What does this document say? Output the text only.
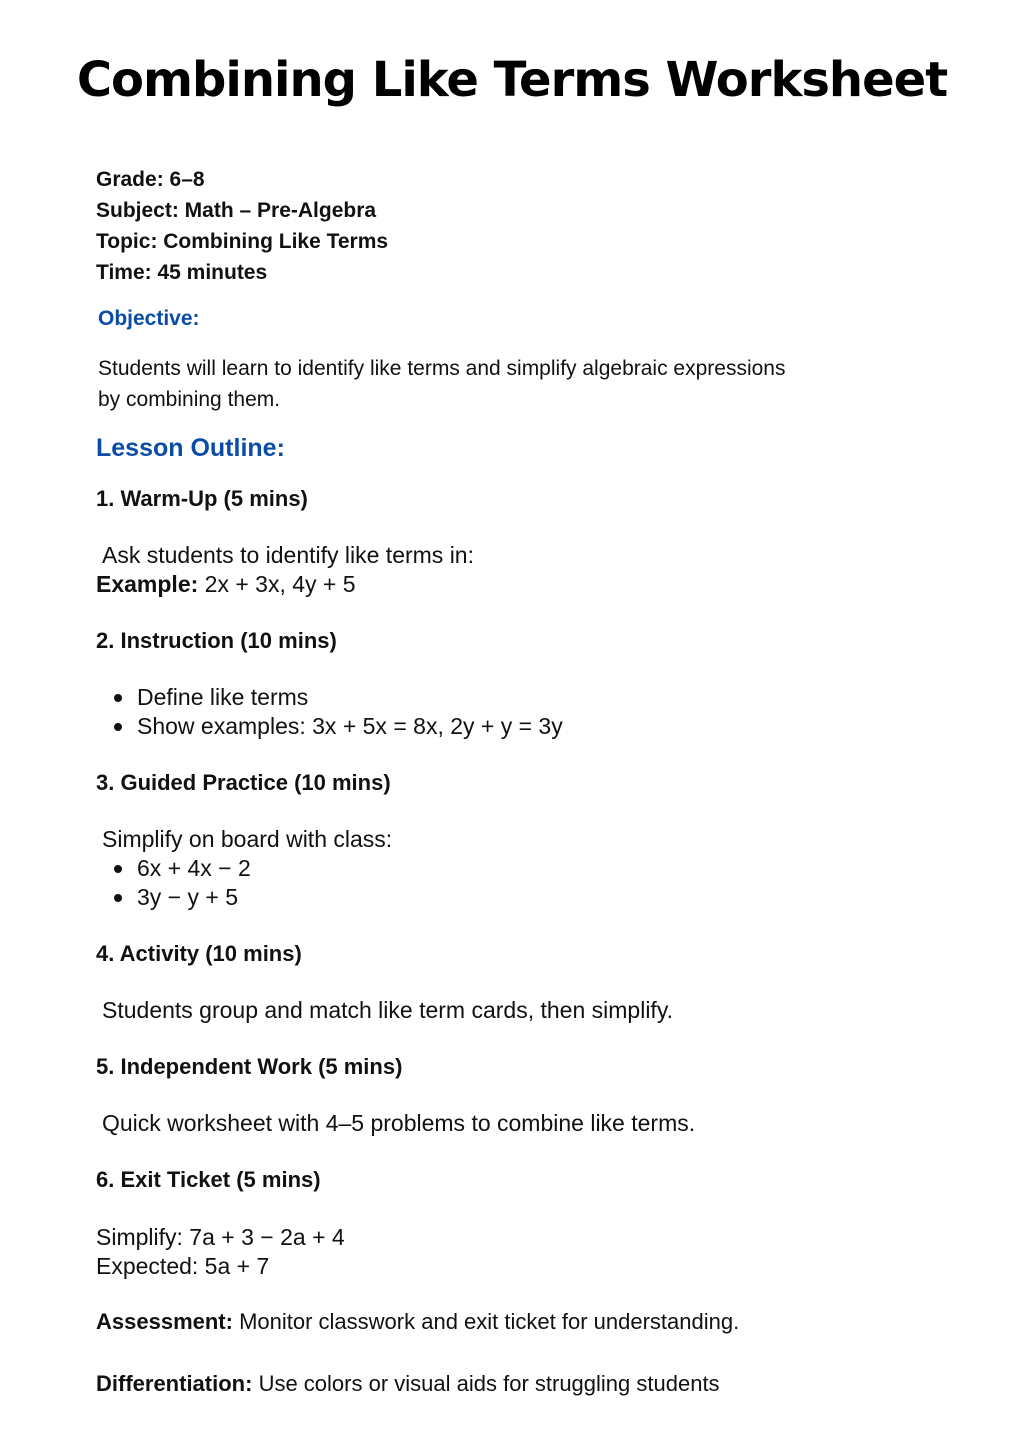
Combining Like Terms Worksheet
Grade: 6–8
Subject: Math – Pre-Algebra
Topic: Combining Like Terms
Time: 45 minutes
Objective:
Students will learn to identify like terms and simplify algebraic expressions
by combining them.
Lesson Outline:
1. Warm-Up (5 mins)
Ask students to identify like terms in:
Example: 2x + 3x, 4y + 5
2. Instruction (10 mins)
Define like terms
Show examples: 3x + 5x = 8x, 2y + y = 3y
3. Guided Practice (10 mins)
Simplify on board with class:
6x + 4x − 2
3y − y + 5
4. Activity (10 mins)
Students group and match like term cards, then simplify.
5. Independent Work (5 mins)
Quick worksheet with 4–5 problems to combine like terms.
6. Exit Ticket (5 mins)
Simplify: 7a + 3 − 2a + 4
Expected: 5a + 7
Assessment: Monitor classwork and exit ticket for understanding.
Differentiation: Use colors or visual aids for struggling students
